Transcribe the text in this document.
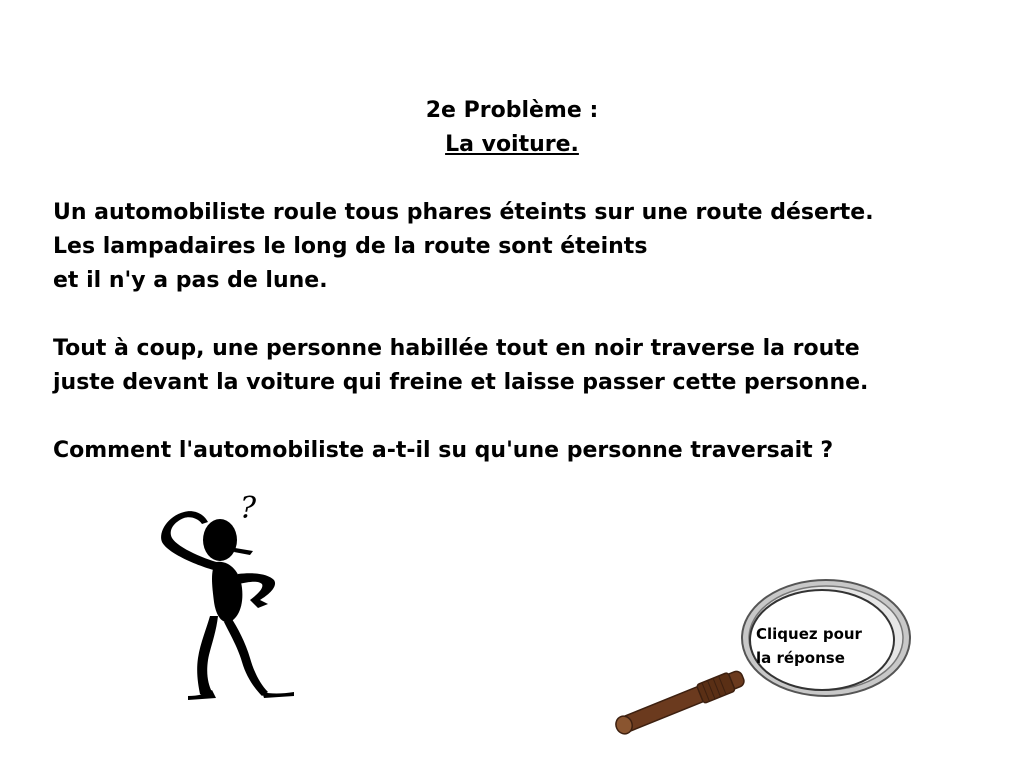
2e Problème :
La voiture.
Un automobiliste roule tous phares éteints sur une route déserte.
Les lampadaires le long de la route sont éteints
et il n'y a pas de lune.
Tout à coup, une personne habillée tout en noir traverse la route
juste devant la voiture qui freine et laisse passer cette personne.
Comment l'automobiliste a-t-il su qu'une personne traversait ?
?
Cliquez pour
la réponse
